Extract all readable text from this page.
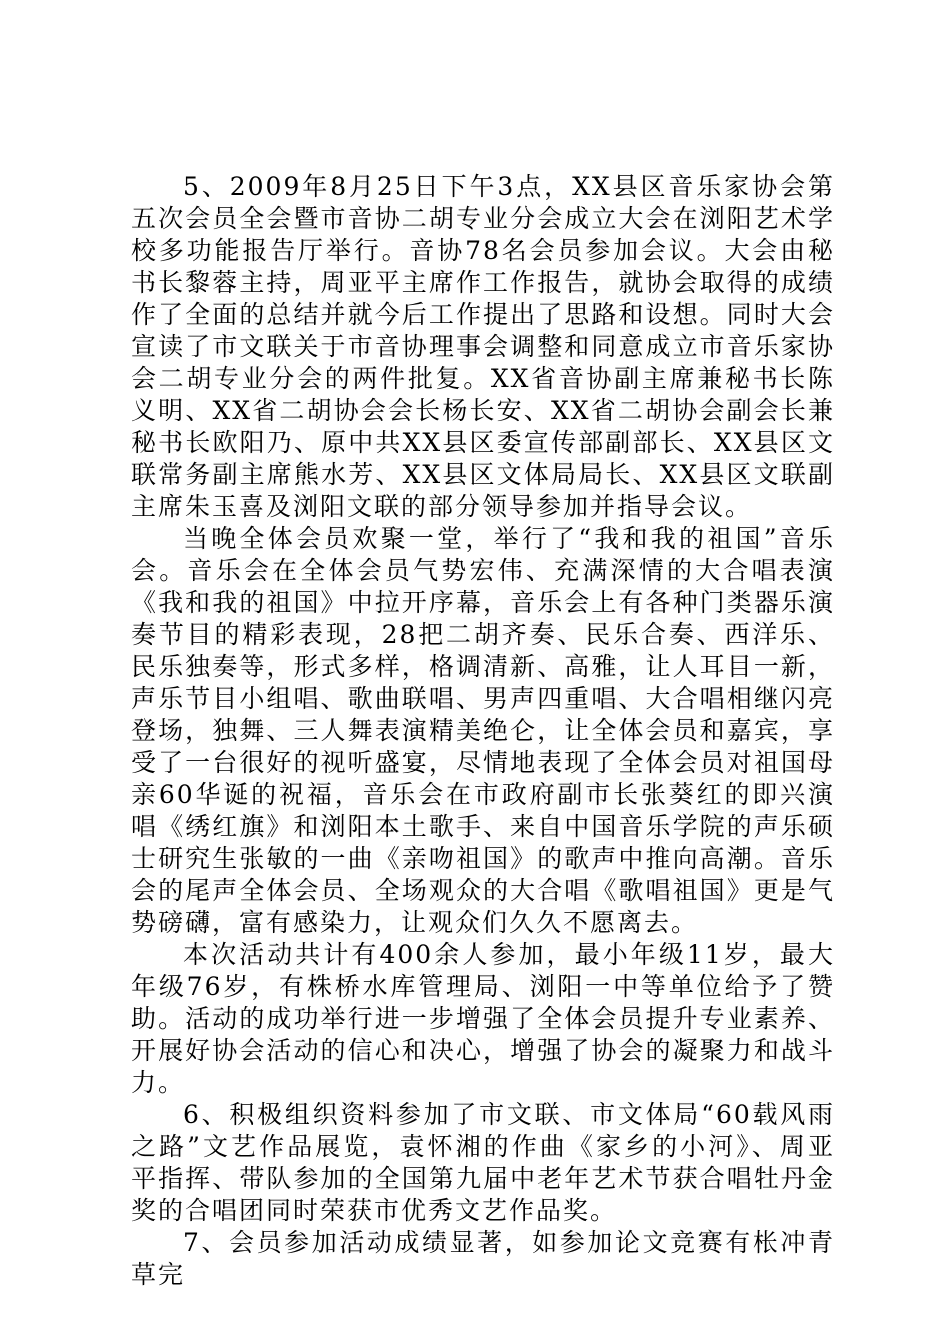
5、2009年8月25日下午3点，XX县区音乐家协会第五次会员全会暨市音协二胡专业分会成立大会在浏阳艺术学校多功能报告厅举行。音协78名会员参加会议。大会由秘书长黎蓉主持，周亚平主席作工作报告，就协会取得的成绩作了全面的总结并就今后工作提出了思路和设想。同时大会宣读了市文联关于市音协理事会调整和同意成立市音乐家协会二胡专业分会的两件批复。XX省音协副主席兼秘书长陈义明、XX省二胡协会会长杨长安、XX省二胡协会副会长兼秘书长欧阳乃、原中共XX县区委宣传部副部长、XX县区文联常务副主席熊水芳、XX县区文体局局长、XX县区文联副主席朱玉喜及浏阳文联的部分领导参加并指导会议。

当晚全体会员欢聚一堂，举行了“我和我的祖国”音乐会。音乐会在全体会员气势宏伟、充满深情的大合唱表演《我和我的祖国》中拉开序幕，音乐会上有各种门类器乐演奏节目的精彩表现，28把二胡齐奏、民乐合奏、西洋乐、民乐独奏等，形式多样，格调清新、高雅，让人耳目一新，声乐节目小组唱、歌曲联唱、男声四重唱、大合唱相继闪亮登场，独舞、三人舞表演精美绝仑，让全体会员和嘉宾，享受了一台很好的视听盛宴，尽情地表现了全体会员对祖国母亲60华诞的祝福，音乐会在市政府副市长张葵红的即兴演唱《绣红旗》和浏阳本土歌手、来自中国音乐学院的声乐硕士研究生张敏的一曲《亲吻祖国》的歌声中推向高潮。音乐会的尾声全体会员、全场观众的大合唱《歌唱祖国》更是气势磅礴，富有感染力，让观众们久久不愿离去。

本次活动共计有400余人参加，最小年级11岁，最大年级76岁，有株桥水库管理局、浏阳一中等单位给予了赞助。活动的成功举行进一步增强了全体会员提升专业素养、开展好协会活动的信心和决心，增强了协会的凝聚力和战斗力。

6、积极组织资料参加了市文联、市文体局“60载风雨之路”文艺作品展览，袁怀湘的作曲《家乡的小河》、周亚平指挥、带队参加的全国第九届中老年艺术节获合唱牡丹金奖的合唱团同时荣获市优秀文艺作品奖。

7、会员参加活动成绩显著，如参加论文竞赛有枨冲青草完
